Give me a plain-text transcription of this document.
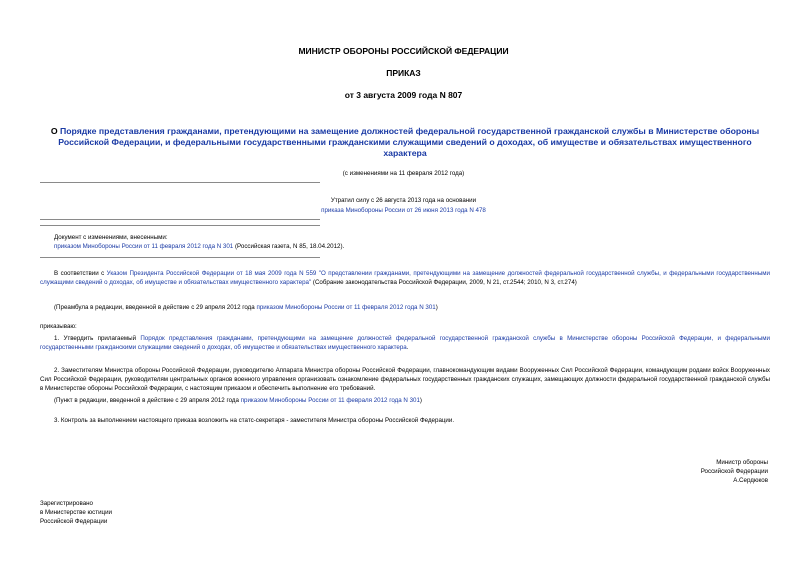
МИНИСТР ОБОРОНЫ РОССИЙСКОЙ ФЕДЕРАЦИИ
ПРИКАЗ
от 3 августа 2009 года N 807
О Порядке представления гражданами, претендующими на замещение должностей федеральной государственной гражданской службы в Министерстве обороны Российской Федерации, и федеральными государственными гражданскими служащими сведений о доходах, об имуществе и обязательствах имущественного характера
(с изменениями на 11 февраля 2012 года)
Утратил силу с 26 августа 2013 года на основании
приказа Минобороны России от 26 июня 2013 года N 478
Документ с изменениями, внесенными:
приказом Минобороны России от 11 февраля 2012 года N 301 (Российская газета, N 85, 18.04.2012).
В соответствии с Указом Президента Российской Федерации от 18 мая 2009 года N 559 "О представлении гражданами, претендующими на замещение должностей федеральной государственной службы, и федеральными государственными служащими сведений о доходах, об имуществе и обязательствах имущественного характера" (Собрание законодательства Российской Федерации, 2009, N 21, ст.2544; 2010, N 3, ст.274)
(Преамбула в редакции, введенной в действие с 29 апреля 2012 года приказом Минобороны России от 11 февраля 2012 года N 301)
приказываю:
1. Утвердить прилагаемый Порядок представления гражданами, претендующими на замещение должностей федеральной государственной гражданской службы в Министерстве обороны Российской Федерации, и федеральными государственными гражданскими служащими сведений о доходах, об имуществе и обязательствах имущественного характера.
2. Заместителям Министра обороны Российской Федерации, руководителю Аппарата Министра обороны Российской Федерации, главнокомандующим видами Вооруженных Сил Российской Федерации, командующим родами войск Вооруженных Сил Российской Федерации, руководителям центральных органов военного управления организовать ознакомление федеральных государственных гражданских служащих, замещающих должности федеральной государственной гражданской службы в Министерстве обороны Российской Федерации, с настоящим приказом и обеспечить выполнение его требований.
(Пункт в редакции, введенной в действие с 29 апреля 2012 года приказом Минобороны России от 11 февраля 2012 года N 301)
3. Контроль за выполнением настоящего приказа возложить на статс-секретаря - заместителя Министра обороны Российской Федерации.
Министр обороны
Российской Федерации
А.Сердюков
Зарегистрировано
в Министерстве юстиции
Российской Федерации
